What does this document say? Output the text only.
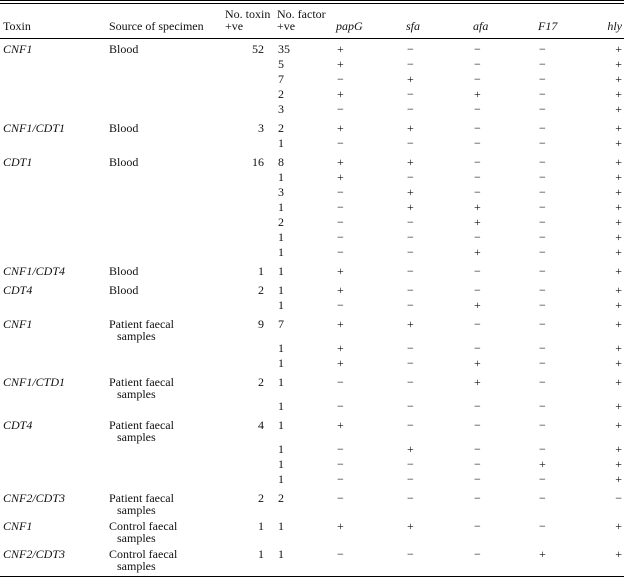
Toxin	Source of specimen	No. toxin +ve	No. factor +ve	papG	sfa	afa	F17	hly
CNF1	Blood	52	35	+	−	−	−	+
			5	+	−	−	−	+
			7	−	+	−	−	+
			2	+	−	+	−	+
			3	−	−	−	−	+
CNF1/CDT1	Blood	3	2	+	+	−	−	+
			1	−	−	−	−	+
CDT1	Blood	16	8	+	+	−	−	+
			1	+	−	−	−	+
			3	−	+	−	−	+
			1	−	+	+	−	+
			2	−	−	+	−	+
			1	−	−	−	−	+
			1	−	−	+	−	+
CNF1/CDT4	Blood	1	1	+	−	−	−	+
CDT4	Blood	2	1	+	−	−	−	+
			1	−	−	+	−	+
CNF1	Patient faecal samples	9	7	+	+	−	−	+
			1	+	−	−	−	+
			1	+	−	+	−	+
CNF1/CTD1	Patient faecal samples	2	1	−	−	+	−	+
			1	−	−	−	−	+
CDT4	Patient faecal samples	4	1	+	−	−	−	+
			1	−	+	−	−	+
			1	−	−	−	+	+
			1	−	−	−	−	+
CNF2/CDT3	Patient faecal samples	2	2	−	−	−	−	−
CNF1	Control faecal samples	1	1	+	+	−	−	+
CNF2/CDT3	Control faecal samples	1	1	−	−	−	+	+
